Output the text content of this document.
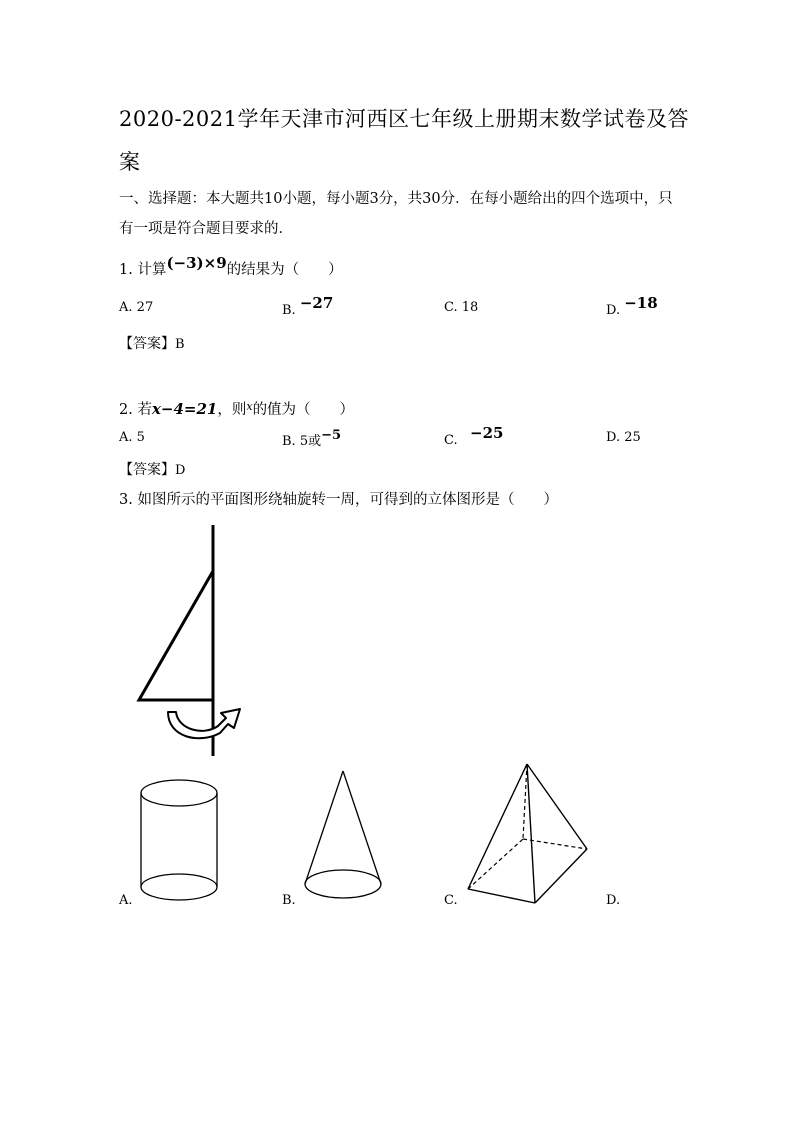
2020-2021学年天津市河西区七年级上册期末数学试卷及答
案
一、选择题：本大题共10小题，每小题3分，共30分．在每小题给出的四个选项中，只
有一项是符合题目要求的．
1. 计算(−3)×9的结果为（　　）
A. 27	B. −27	C. 18	D. −18
【答案】B
2. 若x−4=21，则$^x$的值为（　　）
A. 5	B. 5或−5	C. −25	D. 25
【答案】D
3. 如图所示的平面图形绕轴旋转一周，可得到的立体图形是（　　）
A.	B.	C.	D.
